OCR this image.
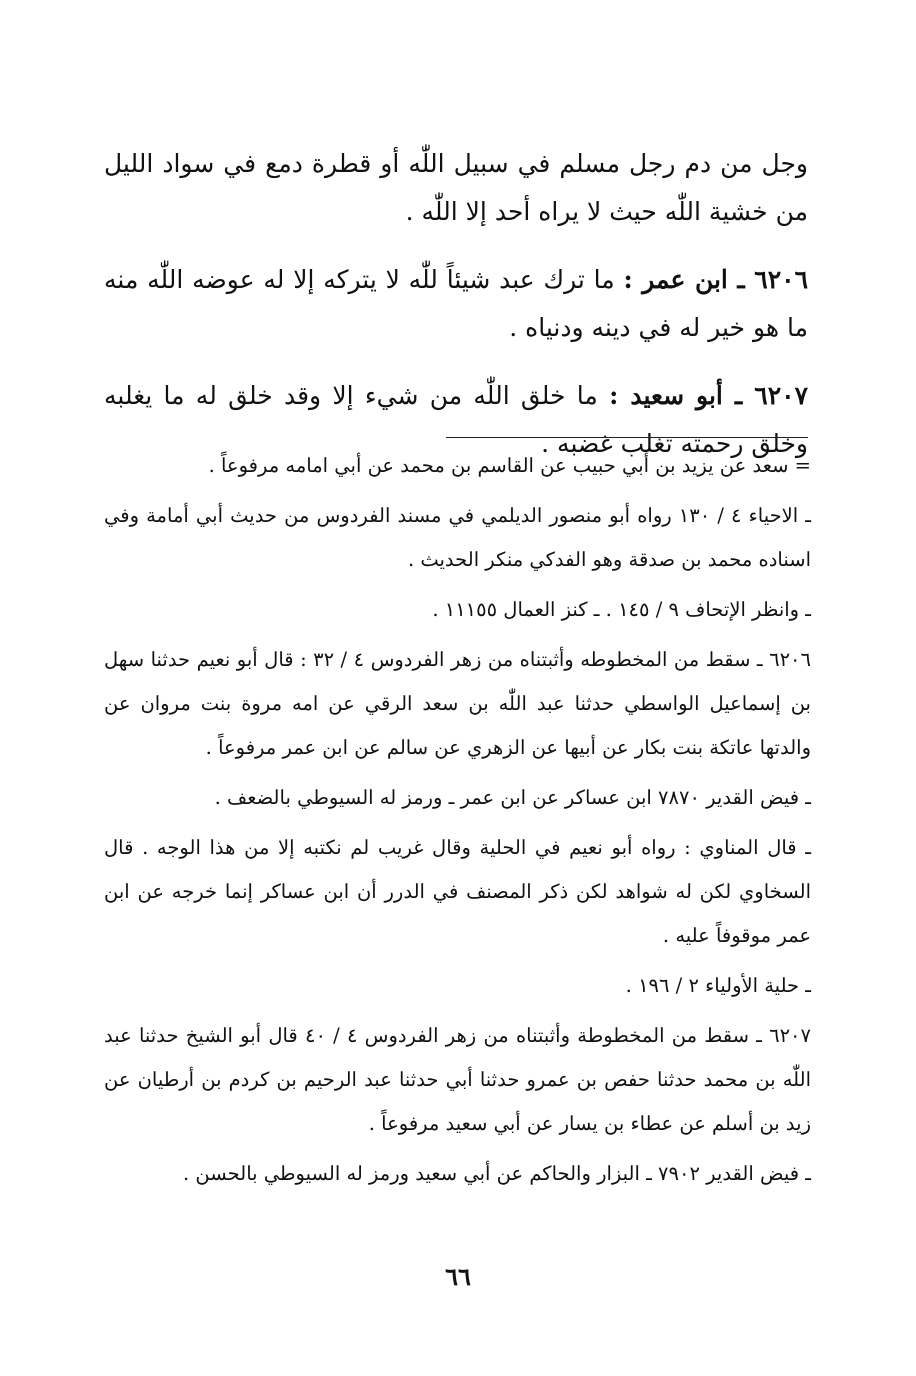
وجل من دم رجل مسلم في سبيل اللّٰه أو قطرة دمع في سواد الليل من خشية اللّٰه حيث لا يراه أحد إلا اللّٰه .

٦٢٠٦ ـ ابن عمر : ما ترك عبد شيئاً للّٰه لا يتركه إلا له عوضه اللّٰه منه ما هو خير له في دينه ودنياه .

٦٢٠٧ ـ أبو سعيد : ما خلق اللّٰه من شيء إلا وقد خلق له ما يغلبه وخلق رحمته تغلب غضبه .

= سعد عن يزيد بن أبي حبيب عن القاسم بن محمد عن أبي امامه مرفوعاً .

ـ الاحياء ٤ / ١٣٠ رواه أبو منصور الديلمي في مسند الفردوس من حديث أبي أمامة وفي اسناده محمد بن صدقة وهو الفدكي منكر الحديث .

ـ وانظر الإتحاف ٩ / ١٤٥ . ـ كنز العمال ١١١٥٥ .

٦٢٠٦ ـ سقط من المخطوطه وأثبتناه من زهر الفردوس ٤ / ٣٢ : قال أبو نعيم حدثنا سهل بن إسماعيل الواسطي حدثنا عبد اللّٰه بن سعد الرقي عن امه مروة بنت مروان عن والدتها عاتكة بنت بكار عن أبيها عن الزهري عن سالم عن ابن عمر مرفوعاً .

ـ فيض القدير ٧٨٧٠ ابن عساكر عن ابن عمر ـ ورمز له السيوطي بالضعف .

ـ قال المناوي : رواه أبو نعيم في الحلية وقال غريب لم نكتبه إلا من هذا الوجه . قال السخاوي لكن له شواهد لكن ذكر المصنف في الدرر أن ابن عساكر إنما خرجه عن ابن عمر موقوفاً عليه .

ـ حلية الأولياء ٢ / ١٩٦ .

٦٢٠٧ ـ سقط من المخطوطة وأثبتناه من زهر الفردوس ٤ / ٤٠ قال أبو الشيخ حدثنا عبد اللّٰه بن محمد حدثنا حفص بن عمرو حدثنا أبي حدثنا عبد الرحيم بن كردم بن أرطيان عن زيد بن أسلم عن عطاء بن يسار عن أبي سعيد مرفوعاً .

ـ فيض القدير ٧٩٠٢ ـ البزار والحاكم عن أبي سعيد ورمز له السيوطي بالحسن .

٦٦
